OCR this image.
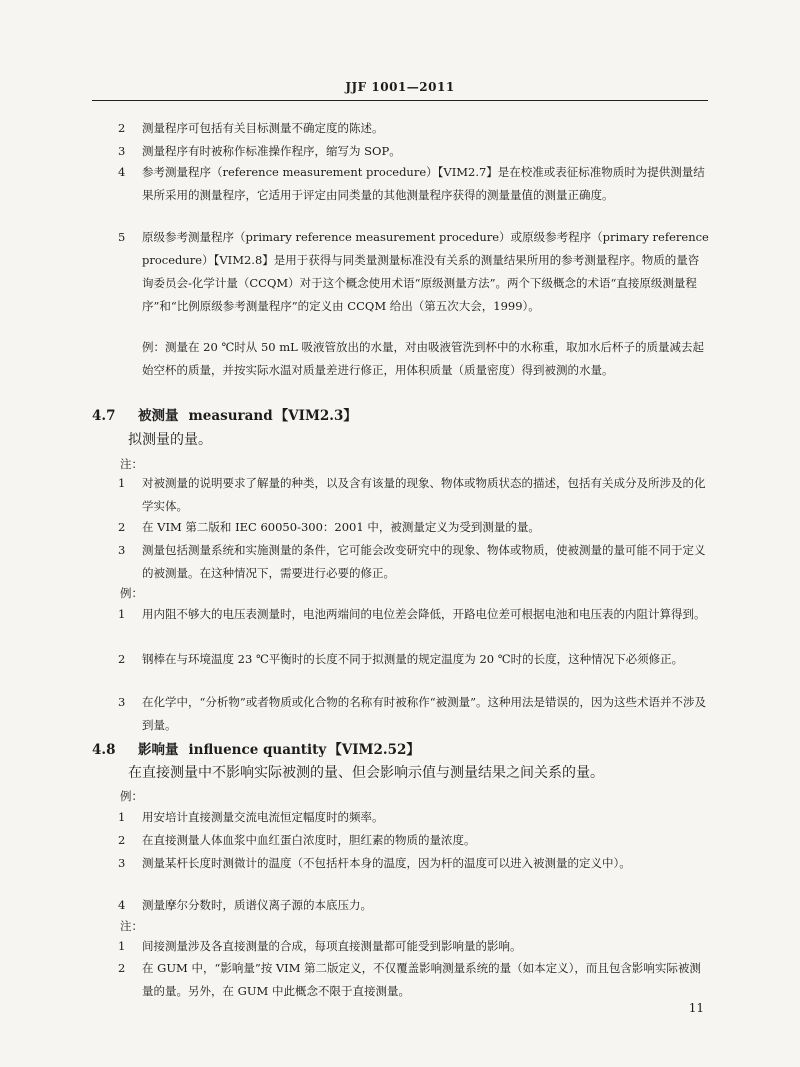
JJF 1001—2011
2	测量程序可包括有关目标测量不确定度的陈述。
3	测量程序有时被称作标准操作程序，缩写为 SOP。
4	参考测量程序（reference measurement procedure）【VIM2.7】是在校准或表征标准物质时为提供测量结果所采用的测量程序，它适用于评定由同类量的其他测量程序获得的测量量值的测量正确度。
5	原级参考测量程序（primary reference measurement procedure）或原级参考程序（primary reference procedure）【VIM2.8】是用于获得与同类量测量标准没有关系的测量结果所用的参考测量程序。物质的量咨询委员会-化学计量（CCQM）对于这个概念使用术语“原级测量方法”。两个下级概念的术语“直接原级测量程序”和“比例原级参考测量程序”的定义由 CCQM 给出（第五次大会，1999）。
例：测量在 20 ℃时从 50 mL 吸液管放出的水量，对由吸液管洗到杯中的水称重，取加水后杯子的质量减去起始空杯的质量，并按实际水温对质量差进行修正，用体积质量（质量密度）得到被测的水量。
4.7 被测量 measurand 【VIM2.3】
拟测量的量。
注：
1	对被测量的说明要求了解量的种类，以及含有该量的现象、物体或物质状态的描述，包括有关成分及所涉及的化学实体。
2	在 VIM 第二版和 IEC 60050-300：2001 中，被测量定义为受到测量的量。
3	测量包括测量系统和实施测量的条件，它可能会改变研究中的现象、物体或物质，使被测量的量可能不同于定义的被测量。在这种情况下，需要进行必要的修正。
例：
1	用内阻不够大的电压表测量时，电池两端间的电位差会降低，开路电位差可根据电池和电压表的内阻计算得到。
2	钢棒在与环境温度 23 ℃平衡时的长度不同于拟测量的规定温度为 20 ℃时的长度，这种情况下必须修正。
3	在化学中，“分析物”或者物质或化合物的名称有时被称作“被测量”。这种用法是错误的，因为这些术语并不涉及到量。
4.8 影响量 influence quantity 【VIM2.52】
在直接测量中不影响实际被测的量、但会影响示值与测量结果之间关系的量。
例：
1	用安培计直接测量交流电流恒定幅度时的频率。
2	在直接测量人体血浆中血红蛋白浓度时，胆红素的物质的量浓度。
3	测量某杆长度时测微计的温度（不包括杆本身的温度，因为杆的温度可以进入被测量的定义中）。
4	测量摩尔分数时，质谱仪离子源的本底压力。
注：
1	间接测量涉及各直接测量的合成，每项直接测量都可能受到影响量的影响。
2	在 GUM 中，“影响量”按 VIM 第二版定义，不仅覆盖影响测量系统的量（如本定义），而且包含影响实际被测量的量。另外，在 GUM 中此概念不限于直接测量。
11
